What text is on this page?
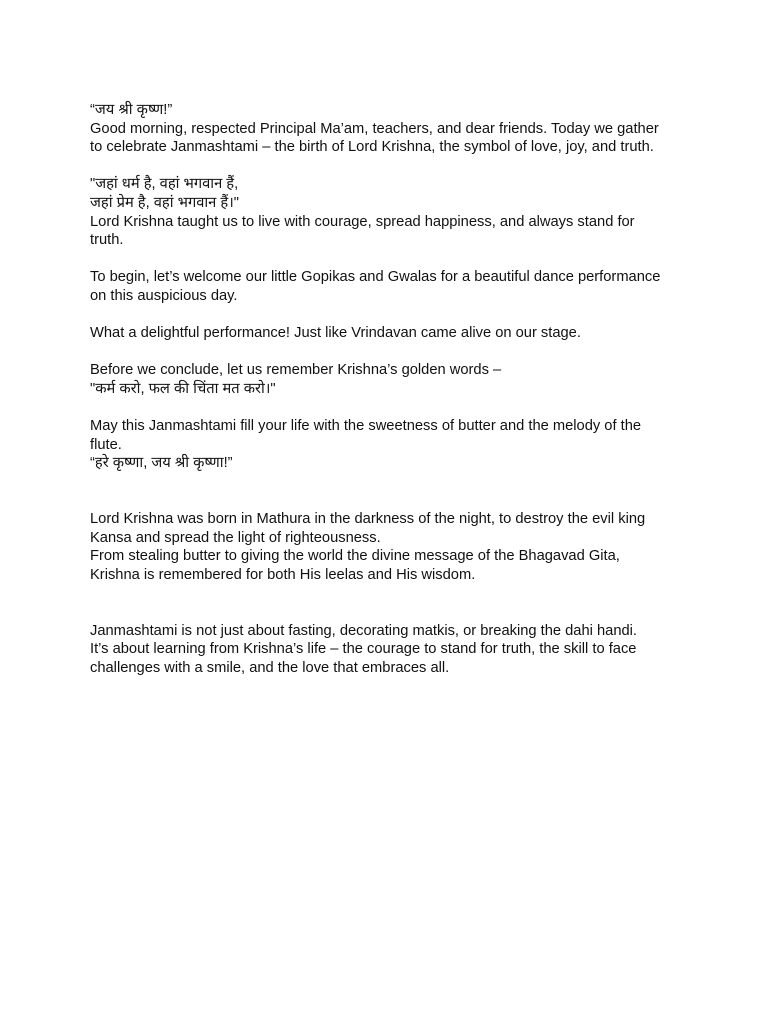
“जय श्री कृष्ण!”
Good morning, respected Principal Ma’am, teachers, and dear friends. Today we gather
to celebrate Janmashtami – the birth of Lord Krishna, the symbol of love, joy, and truth.

"जहां धर्म है, वहां भगवान हैं,
जहां प्रेम है, वहां भगवान हैं।"
Lord Krishna taught us to live with courage, spread happiness, and always stand for
truth.

To begin, let’s welcome our little Gopikas and Gwalas for a beautiful dance performance
on this auspicious day.

What a delightful performance! Just like Vrindavan came alive on our stage.

Before we conclude, let us remember Krishna’s golden words –
"कर्म करो, फल की चिंता मत करो।"

May this Janmashtami fill your life with the sweetness of butter and the melody of the
flute.
“हरे कृष्णा, जय श्री कृष्णा!”

Lord Krishna was born in Mathura in the darkness of the night, to destroy the evil king
Kansa and spread the light of righteousness.
From stealing butter to giving the world the divine message of the Bhagavad Gita,
Krishna is remembered for both His leelas and His wisdom.

Janmashtami is not just about fasting, decorating matkis, or breaking the dahi handi.
It’s about learning from Krishna’s life – the courage to stand for truth, the skill to face
challenges with a smile, and the love that embraces all.
